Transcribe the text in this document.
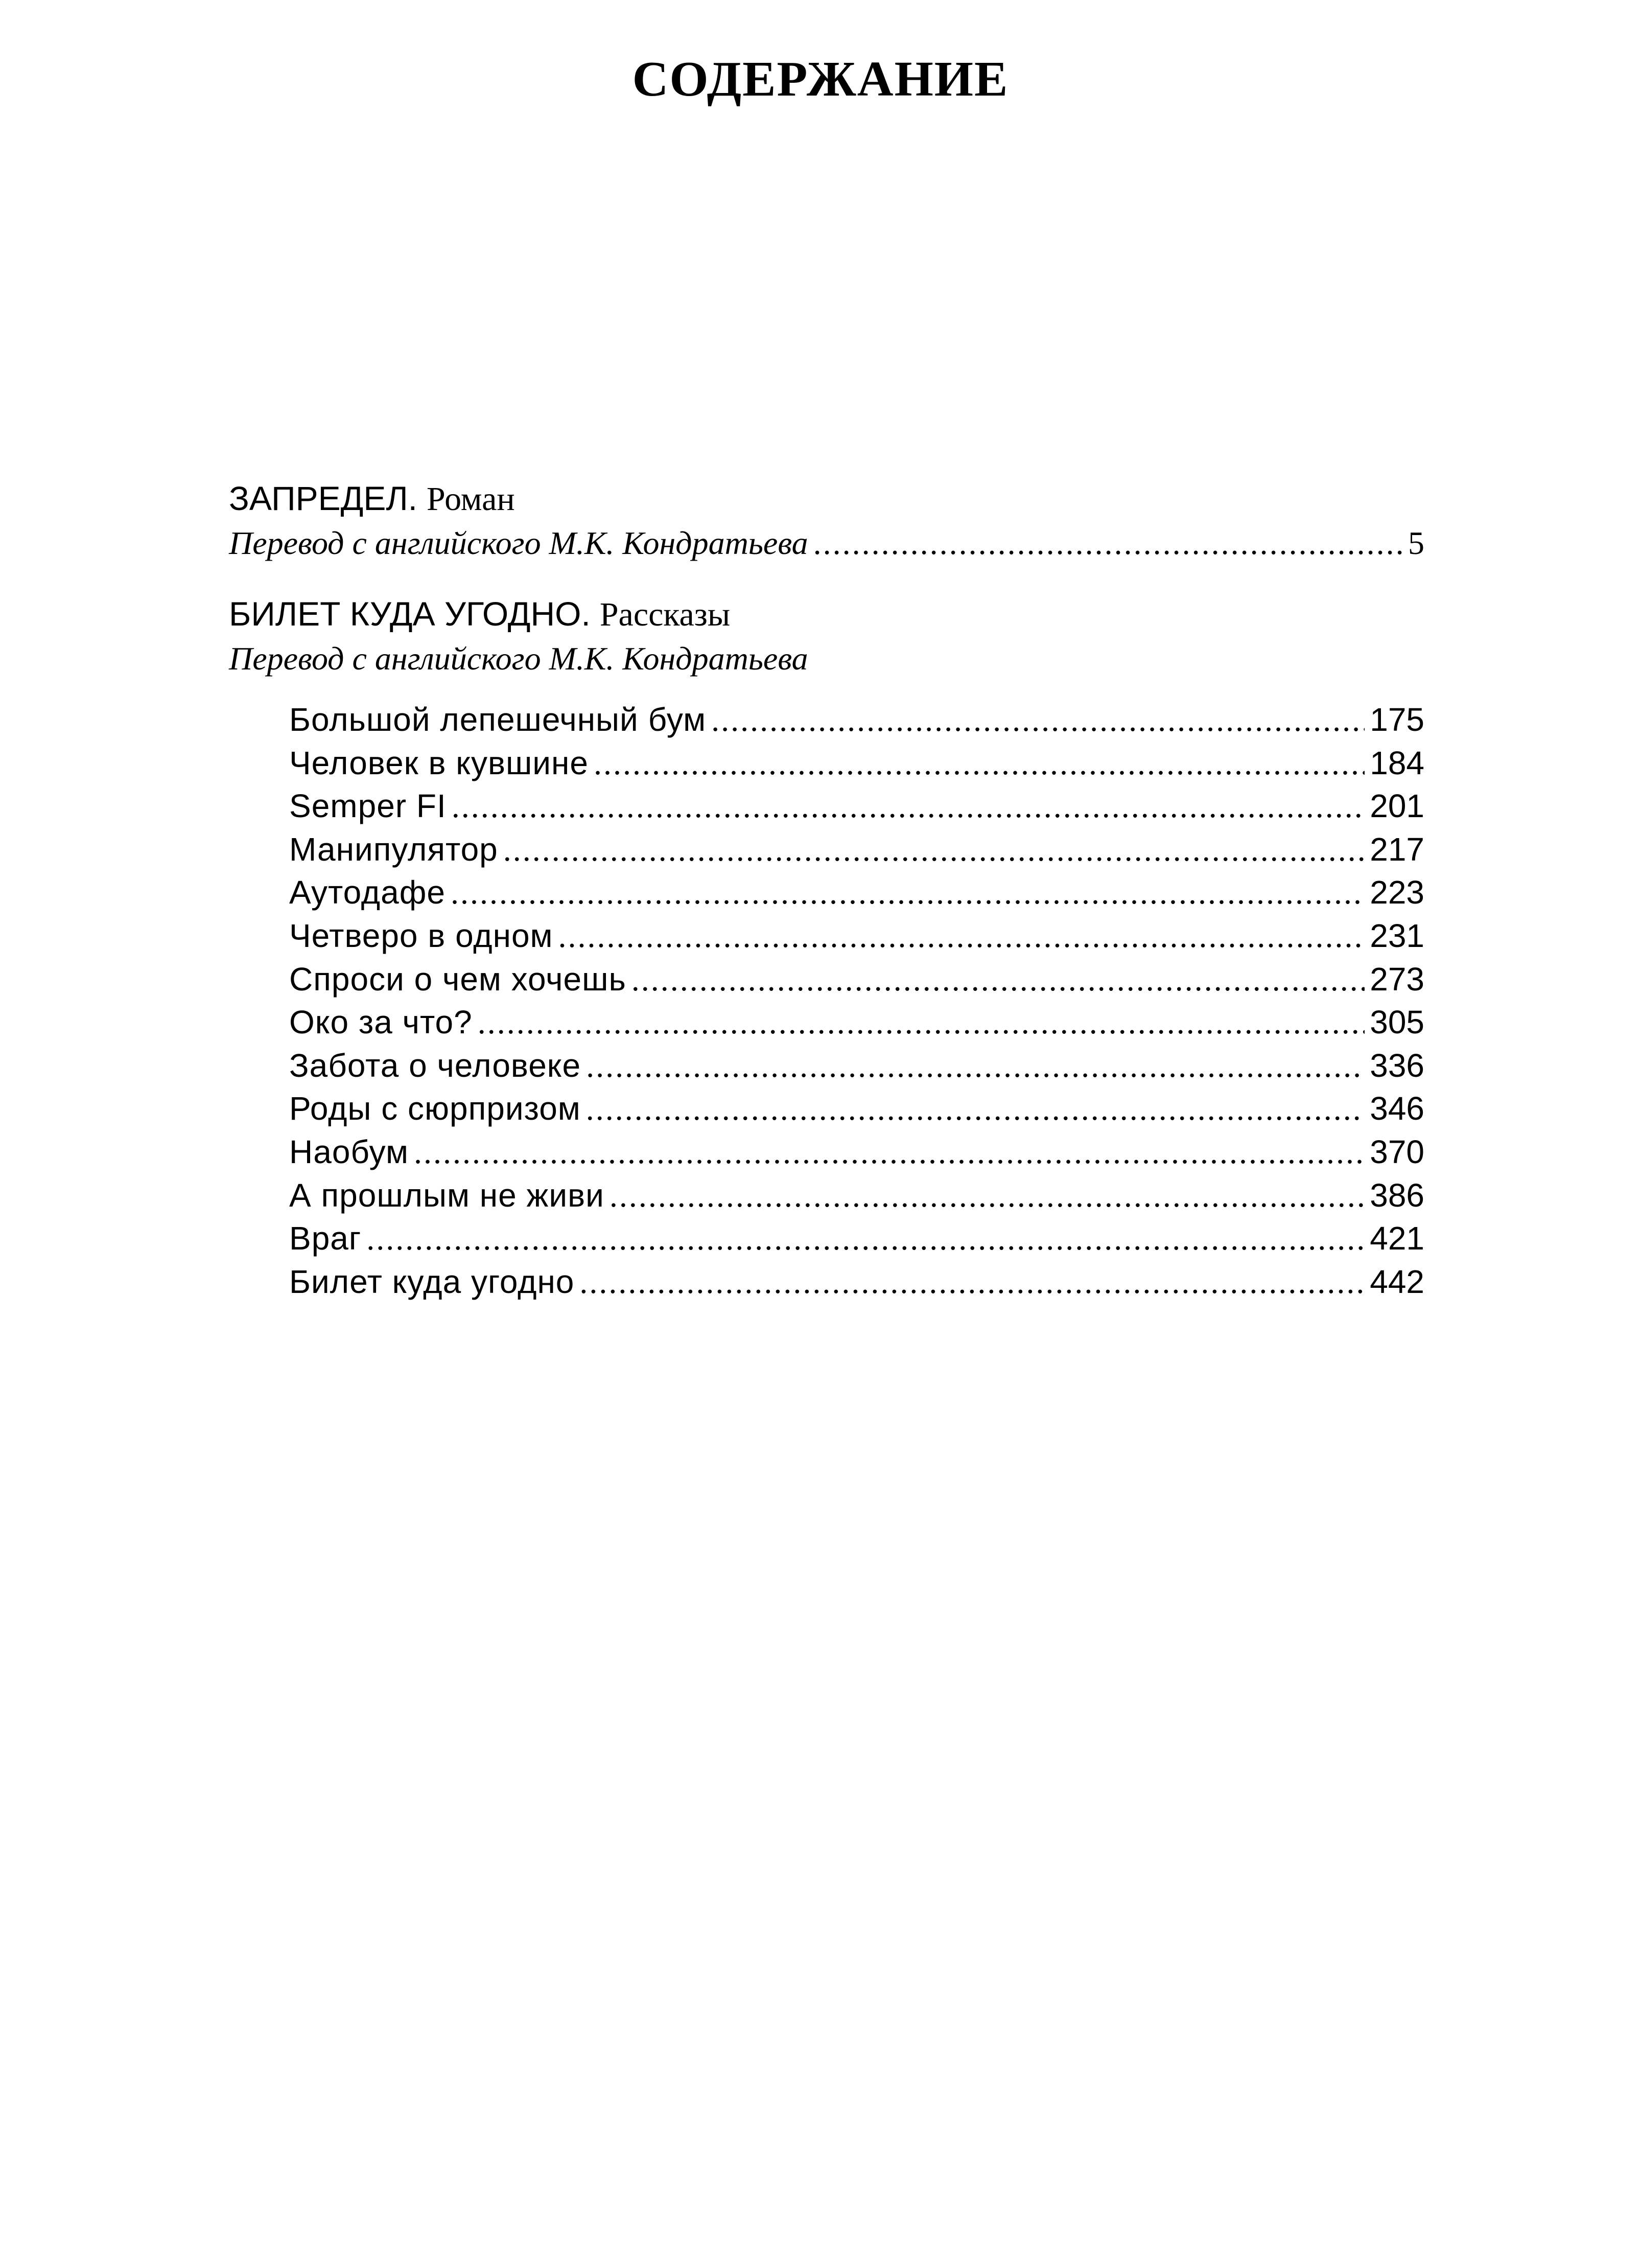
СОДЕРЖАНИЕ
ЗАПРЕДЕЛ. Роман
Перевод с английского М.К. Кондратьева .....	5
БИЛЕТ КУДА УГОДНО. Рассказы
Перевод с английского М.К. Кондратьева
Большой лепешечный бум .....	175
Человек в кувшине .....	184
Semper FI .....	201
Манипулятор .....	217
Аутодафе .....	223
Четверо в одном .....	231
Спроси о чем хочешь .....	273
Око за что? .....	305
Забота о человеке .....	336
Роды с сюрпризом .....	346
Наобум .....	370
А прошлым не живи .....	386
Враг .....	421
Билет куда угодно .....	442
